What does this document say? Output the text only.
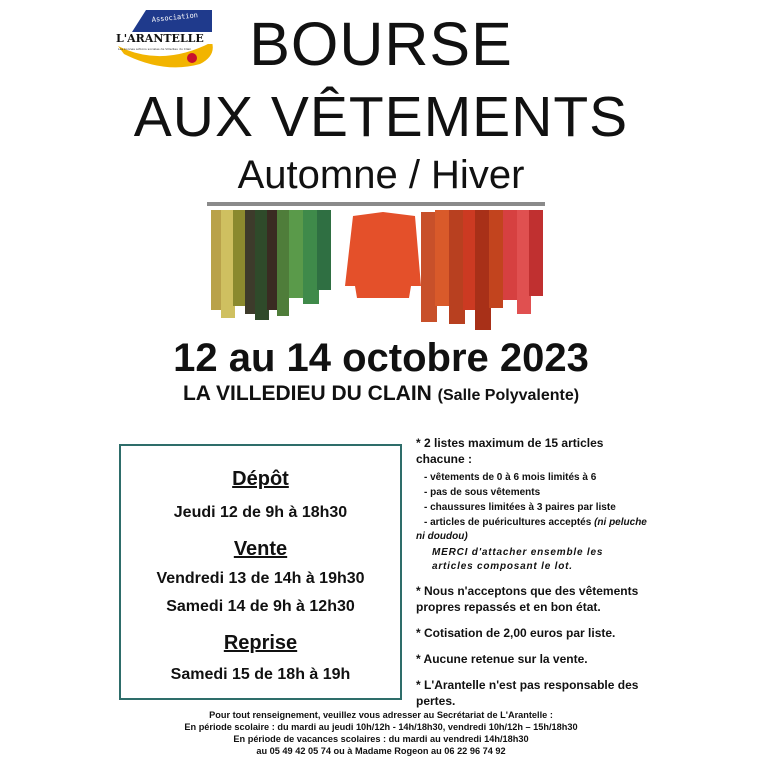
Association
L'ARANTELLE
Les bonnes actions sociales de Villedieu du Clain BOURSE
AUX VÊTEMENTS
Automne / Hiver
12 au 14 octobre 2023
LA VILLEDIEU DU CLAIN (Salle Polyvalente)
Dépôt
Jeudi 12 de 9h à 18h30
Vente
Vendredi 13 de 14h à 19h30
Samedi 14 de 9h à 12h30
Reprise
Samedi 15 de 18h à 19h
* 2 listes maximum de 15 articles
chacune :
- vêtements de 0 à 6 mois limités à 6
- pas de sous vêtements
- chaussures limitées à 3 paires par liste
- articles de puéricultures acceptés (ni peluche
ni doudou)
MERCI d'attacher ensemble les
articles composant le lot.
* Nous n'acceptons que des vêtements
propres repassés et en bon état.
* Cotisation de 2,00 euros par liste.
* Aucune retenue sur la vente.
* L'Arantelle n'est pas responsable des
pertes.
Pour tout renseignement, veuillez vous adresser au Secrétariat de L'Arantelle :
En période scolaire : du mardi au jeudi 10h/12h - 14h/18h30, vendredi 10h/12h – 15h/18h30
En période de vacances scolaires : du mardi au vendredi 14h/18h30
au 05 49 42 05 74 ou à Madame Rogeon au 06 22 96 74 92
